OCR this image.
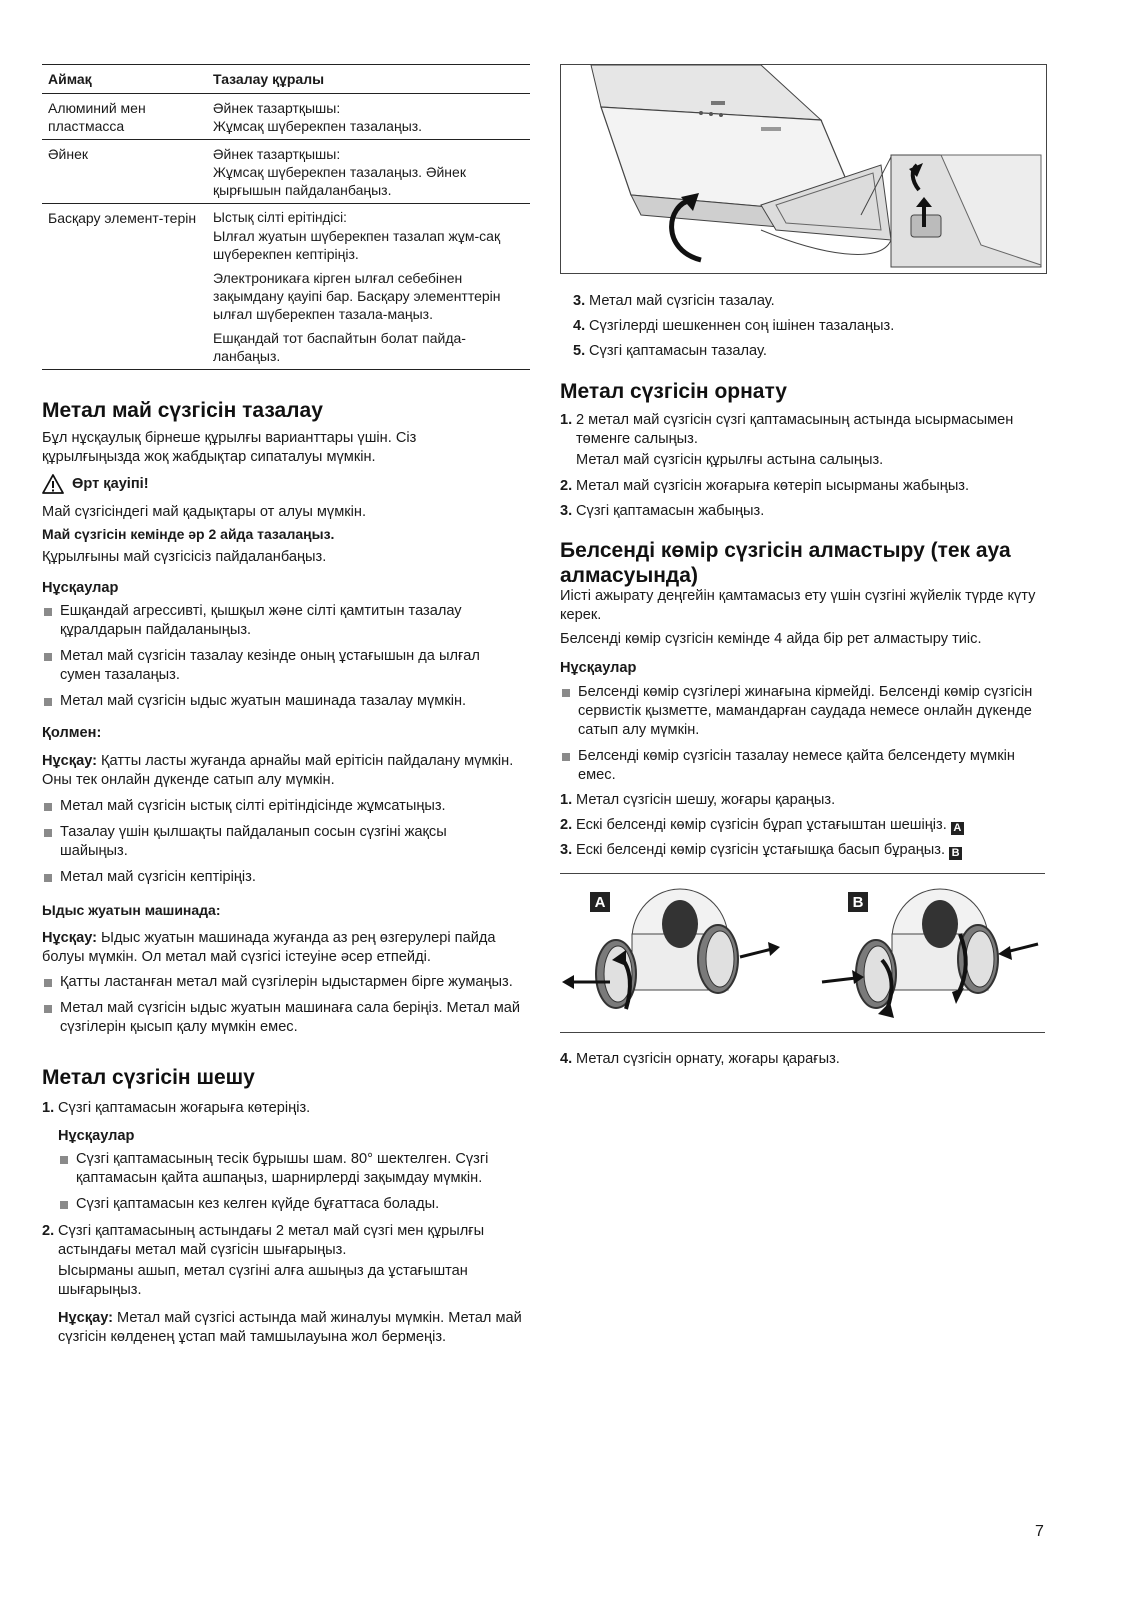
Аймақ	Тазалау құралы
Алюминий мен пластмасса	Әйнек тазартқышы:
Жұмсақ шүберекпен тазалаңыз.

Әйнек	Әйнек тазартқышы:
Жұмсақ шүберекпен тазалаңыз. Әйнек қырғышын пайдаланбаңыз.

Басқару элемент-терін	Ыстық сілті ерітіндісі:
Ылғал жуатын шүберекпен тазалап жұм-сақ шүберекпен кептіріңіз.
Электроникаға кірген ылғал себебінен зақымдану қауіпі бар. Басқару элементтерін ылғал шүберекпен тазала-маңыз.
Ешқандай тот баспайтын болат пайда-ланбаңыз.
Метал май сүзгісін тазалау

Бұл нұсқаулық бірнеше құрылғы варианттары үшін. Сіз құрылғыңызда жоқ жабдықтар сипаталуы мүмкін.

Өрт қауіпі!

Май сүзгісіндегі май қадықтары от алуы мүмкін.

Май сүзгісін кемінде әр 2 айда тазалаңыз.

Құрылғыны май сүзгісісіз пайдаланбаңыз.

Нұсқаулар
Ешқандай агрессивті, қышқыл және сілті қамтитын тазалау құралдарын пайдаланыңыз.
Метал май сүзгісін тазалау кезінде оның ұстағышын да ылғал сумен тазалаңыз.
Метал май сүзгісін ыдыс жуатын машинада тазалау мүмкін.
Қолмен:

Нұсқау: Қатты ласты жуғанда арнайы май ерітісін пайдалану мүмкін. Оны тек онлайн дүкенде сатып алу мүмкін.

Метал май сүзгісін ыстық сілті ерітіндісінде жұмсатыңыз.
Тазалау үшін қылшақты пайдаланып сосын сүзгіні жақсы шайыңыз.
Метал май сүзгісін кептіріңіз.
Ыдыс жуатын машинада:

Нұсқау: Ыдыс жуатын машинада жуғанда аз рең өзгерулері пайда болуы мүмкін. Ол метал май сүзгісі істеуіне әсер етпейді.

Қатты ластанған метал май сүзгілерін ыдыстармен бірге жумаңыз.
Метал май сүзгісін ыдыс жуатын машинаға сала беріңіз. Метал май сүзгілерін қысып қалу мүмкін емес.
Метал сүзгісін шешу
1. Сүзгі қаптамасын жоғарыға көтеріңіз.
Нұсқаулар
Сүзгі қаптамасының тесік бұрышы шам. 80° шектелген. Сүзгі қаптамасын қайта ашпаңыз, шарнирлерді зақымдау мүмкін.
Сүзгі қаптамасын кез келген күйде бұғаттаса болады.
2. Сүзгі қаптамасының астындағы 2 метал май сүзгі мен құрылғы астындағы метал май сүзгісін шығарыңыз.

Ысырманы ашып, метал сүзгіні алға ашыңыз да ұстағыштан шығарыңыз.

Нұсқау: Метал май сүзгісі астында май жиналуы мүмкін. Метал май сүзгісін көлденең ұстап май тамшылауына жол бермеңіз.

3. Метал май сүзгісін тазалау.
4. Сүзгілерді шешкеннен соң ішінен тазалаңыз.
5. Сүзгі қаптамасын тазалау.
Метал сүзгісін орнату
1. 2 метал май сүзгісін сүзгі қаптамасының астында ысырмасымен төменге салыңыз.

Метал май сүзгісін құрылғы астына салыңыз.

2. Метал май сүзгісін жоғарыға көтеріп ысырманы жабыңыз.
3. Сүзгі қаптамасын жабыңыз.
Белсенді көмір сүзгісін алмастыру (тек ауа алмасуында)

Иісті ажырату деңгейін қамтамасыз ету үшін сүзгіні жүйелік түрде күту керек.

Белсенді көмір сүзгісін кемінде 4 айда бір рет алмастыру тиіс.

Нұсқаулар
Белсенді көмір сүзгілері жинағына кірмейді. Белсенді көмір сүзгісін сервистік қызметте, мамандарған саудада немесе онлайн дүкенде сатып алу мүмкін.
Белсенді көмір сүзгісін тазалау немесе қайта белсендету мүмкін емес.
1. Метал сүзгісін шешу, жоғары қараңыз.
2. Ескі белсенді көмір сүзгісін бұрап ұстағыштан шешіңіз. A
3. Ескі белсенді көмір сүзгісін ұстағышқа басып бұраңыз. B
A	B
4. Метал сүзгісін орнату, жоғары қарағыз.
7
